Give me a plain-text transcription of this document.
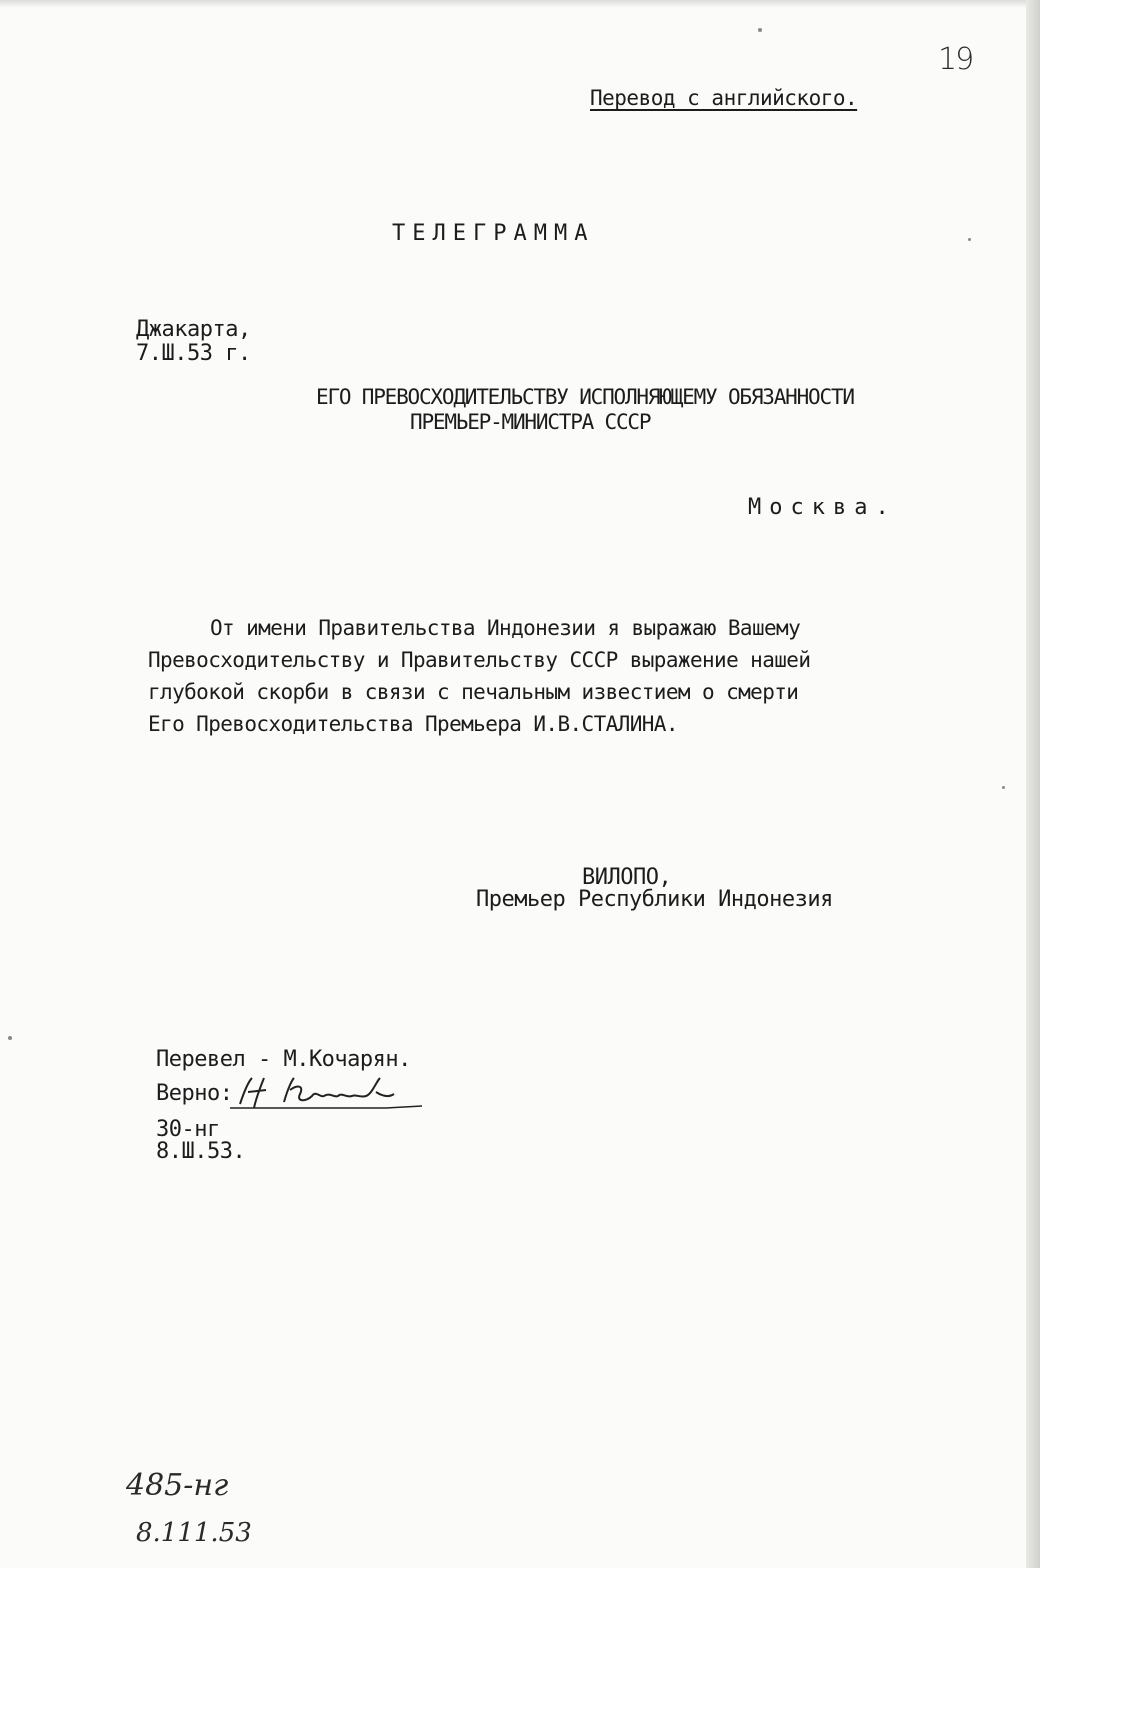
19
Перевод с английского.
ТЕЛЕГРАММА
Джакарта,
7.Ш.53 г.
ЕГО ПРЕВОСХОДИТЕЛЬСТВУ ИСПОЛНЯЮЩЕМУ ОБЯЗАННОСТИ
ПРЕМЬЕР-МИНИСТРА СССР
Москва.
От имени Правительства Индонезии я выражаю Вашему
Превосходительству и Правительству СССР выражение нашей
глубокой скорби в связи с печальным известием о смерти
Его Превосходительства Премьера И.В.СТАЛИНА.
ВИЛОПО,
Премьер Республики Индонезия
Перевел - М.Кочарян.
Верно:
30-нг
8.Ш.53.
485-нг
8.111.53
